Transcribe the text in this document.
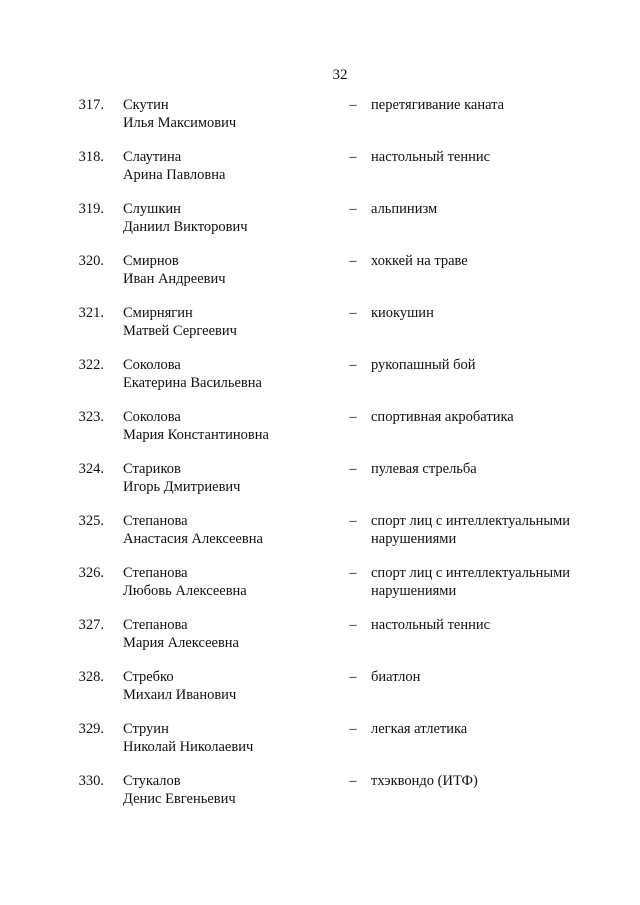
32
317. Скутин
Илья Максимович
– перетягивание каната
318. Слаутина
Арина Павловна
– настольный теннис
319. Слушкин
Даниил Викторович
– альпинизм
320. Смирнов
Иван Андреевич
– хоккей на траве
321. Смирнягин
Матвей Сергеевич
– киокушин
322. Соколова
Екатерина Васильевна
– рукопашный бой
323. Соколова
Мария Константиновна
– спортивная акробатика
324. Стариков
Игорь Дмитриевич
– пулевая стрельба
325. Степанова
Анастасия Алексеевна
– спорт лиц с интеллектуальными нарушениями
326. Степанова
Любовь Алексеевна
– спорт лиц с интеллектуальными нарушениями
327. Степанова
Мария Алексеевна
– настольный теннис
328. Стребко
Михаил Иванович
– биатлон
329. Струин
Николай Николаевич
– легкая атлетика
330. Стукалов
Денис Евгеньевич
– тхэквондо (ИТФ)
